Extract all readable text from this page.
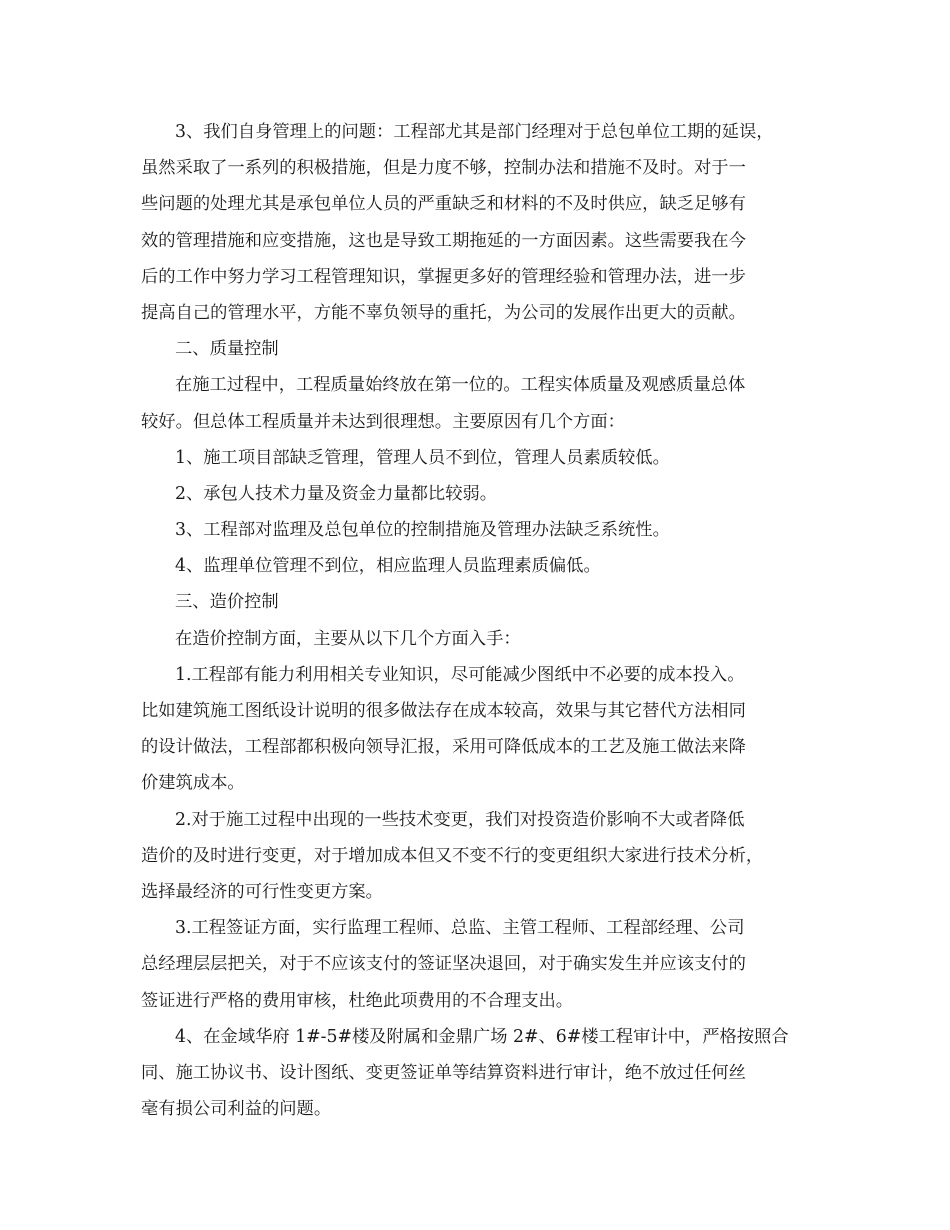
3、我们自身管理上的问题：工程部尤其是部门经理对于总包单位工期的延误，
虽然采取了一系列的积极措施，但是力度不够，控制办法和措施不及时。对于一
些问题的处理尤其是承包单位人员的严重缺乏和材料的不及时供应，缺乏足够有
效的管理措施和应变措施，这也是导致工期拖延的一方面因素。这些需要我在今
后的工作中努力学习工程管理知识，掌握更多好的管理经验和管理办法，进一步
提高自己的管理水平，方能不辜负领导的重托，为公司的发展作出更大的贡献。
二、质量控制
在施工过程中，工程质量始终放在第一位的。工程实体质量及观感质量总体
较好。但总体工程质量并未达到很理想。主要原因有几个方面：
1、施工项目部缺乏管理，管理人员不到位，管理人员素质较低。
2、承包人技术力量及资金力量都比较弱。
3、工程部对监理及总包单位的控制措施及管理办法缺乏系统性。
4、监理单位管理不到位，相应监理人员监理素质偏低。
三、造价控制
在造价控制方面，主要从以下几个方面入手：
1.工程部有能力利用相关专业知识，尽可能减少图纸中不必要的成本投入。
比如建筑施工图纸设计说明的很多做法存在成本较高，效果与其它替代方法相同
的设计做法，工程部都积极向领导汇报，采用可降低成本的工艺及施工做法来降
价建筑成本。
2.对于施工过程中出现的一些技术变更，我们对投资造价影响不大或者降低
造价的及时进行变更，对于增加成本但又不变不行的变更组织大家进行技术分析，
选择最经济的可行性变更方案。
3.工程签证方面，实行监理工程师、总监、主管工程师、工程部经理、公司
总经理层层把关，对于不应该支付的签证坚决退回，对于确实发生并应该支付的
签证进行严格的费用审核，杜绝此项费用的不合理支出。
4、在金域华府 1#-5#楼及附属和金鼎广场 2#、6#楼工程审计中，严格按照合
同、施工协议书、设计图纸、变更签证单等结算资料进行审计，绝不放过任何丝
毫有损公司利益的问题。
